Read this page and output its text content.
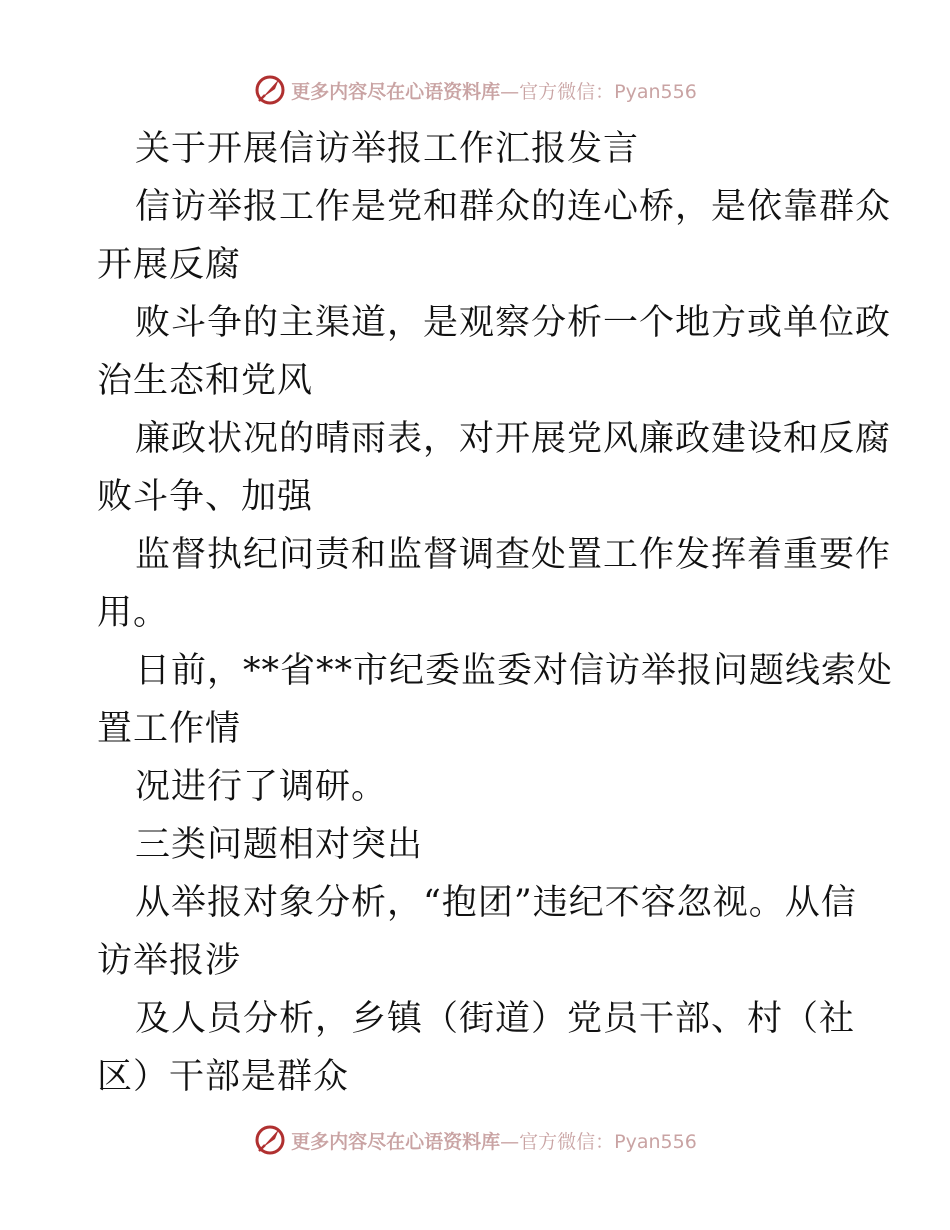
更多内容尽在心语资料库 —官方微信：Pyan556

关于开展信访举报工作汇报发言

信访举报工作是党和群众的连心桥，是依靠群众

开展反腐

败斗争的主渠道，是观察分析一个地方或单位政

治生态和党风

廉政状况的晴雨表，对开展党风廉政建设和反腐

败斗争、加强

监督执纪问责和监督调查处置工作发挥着重要作

用。

日前，**省**市纪委监委对信访举报问题线索处

置工作情

况进行了调研。

三类问题相对突出

从举报对象分析，“抱团”违纪不容忽视。从信

访举报涉

及人员分析，乡镇（街道）党员干部、村（社

区）干部是群众

更多内容尽在心语资料库 —官方微信：Pyan556
